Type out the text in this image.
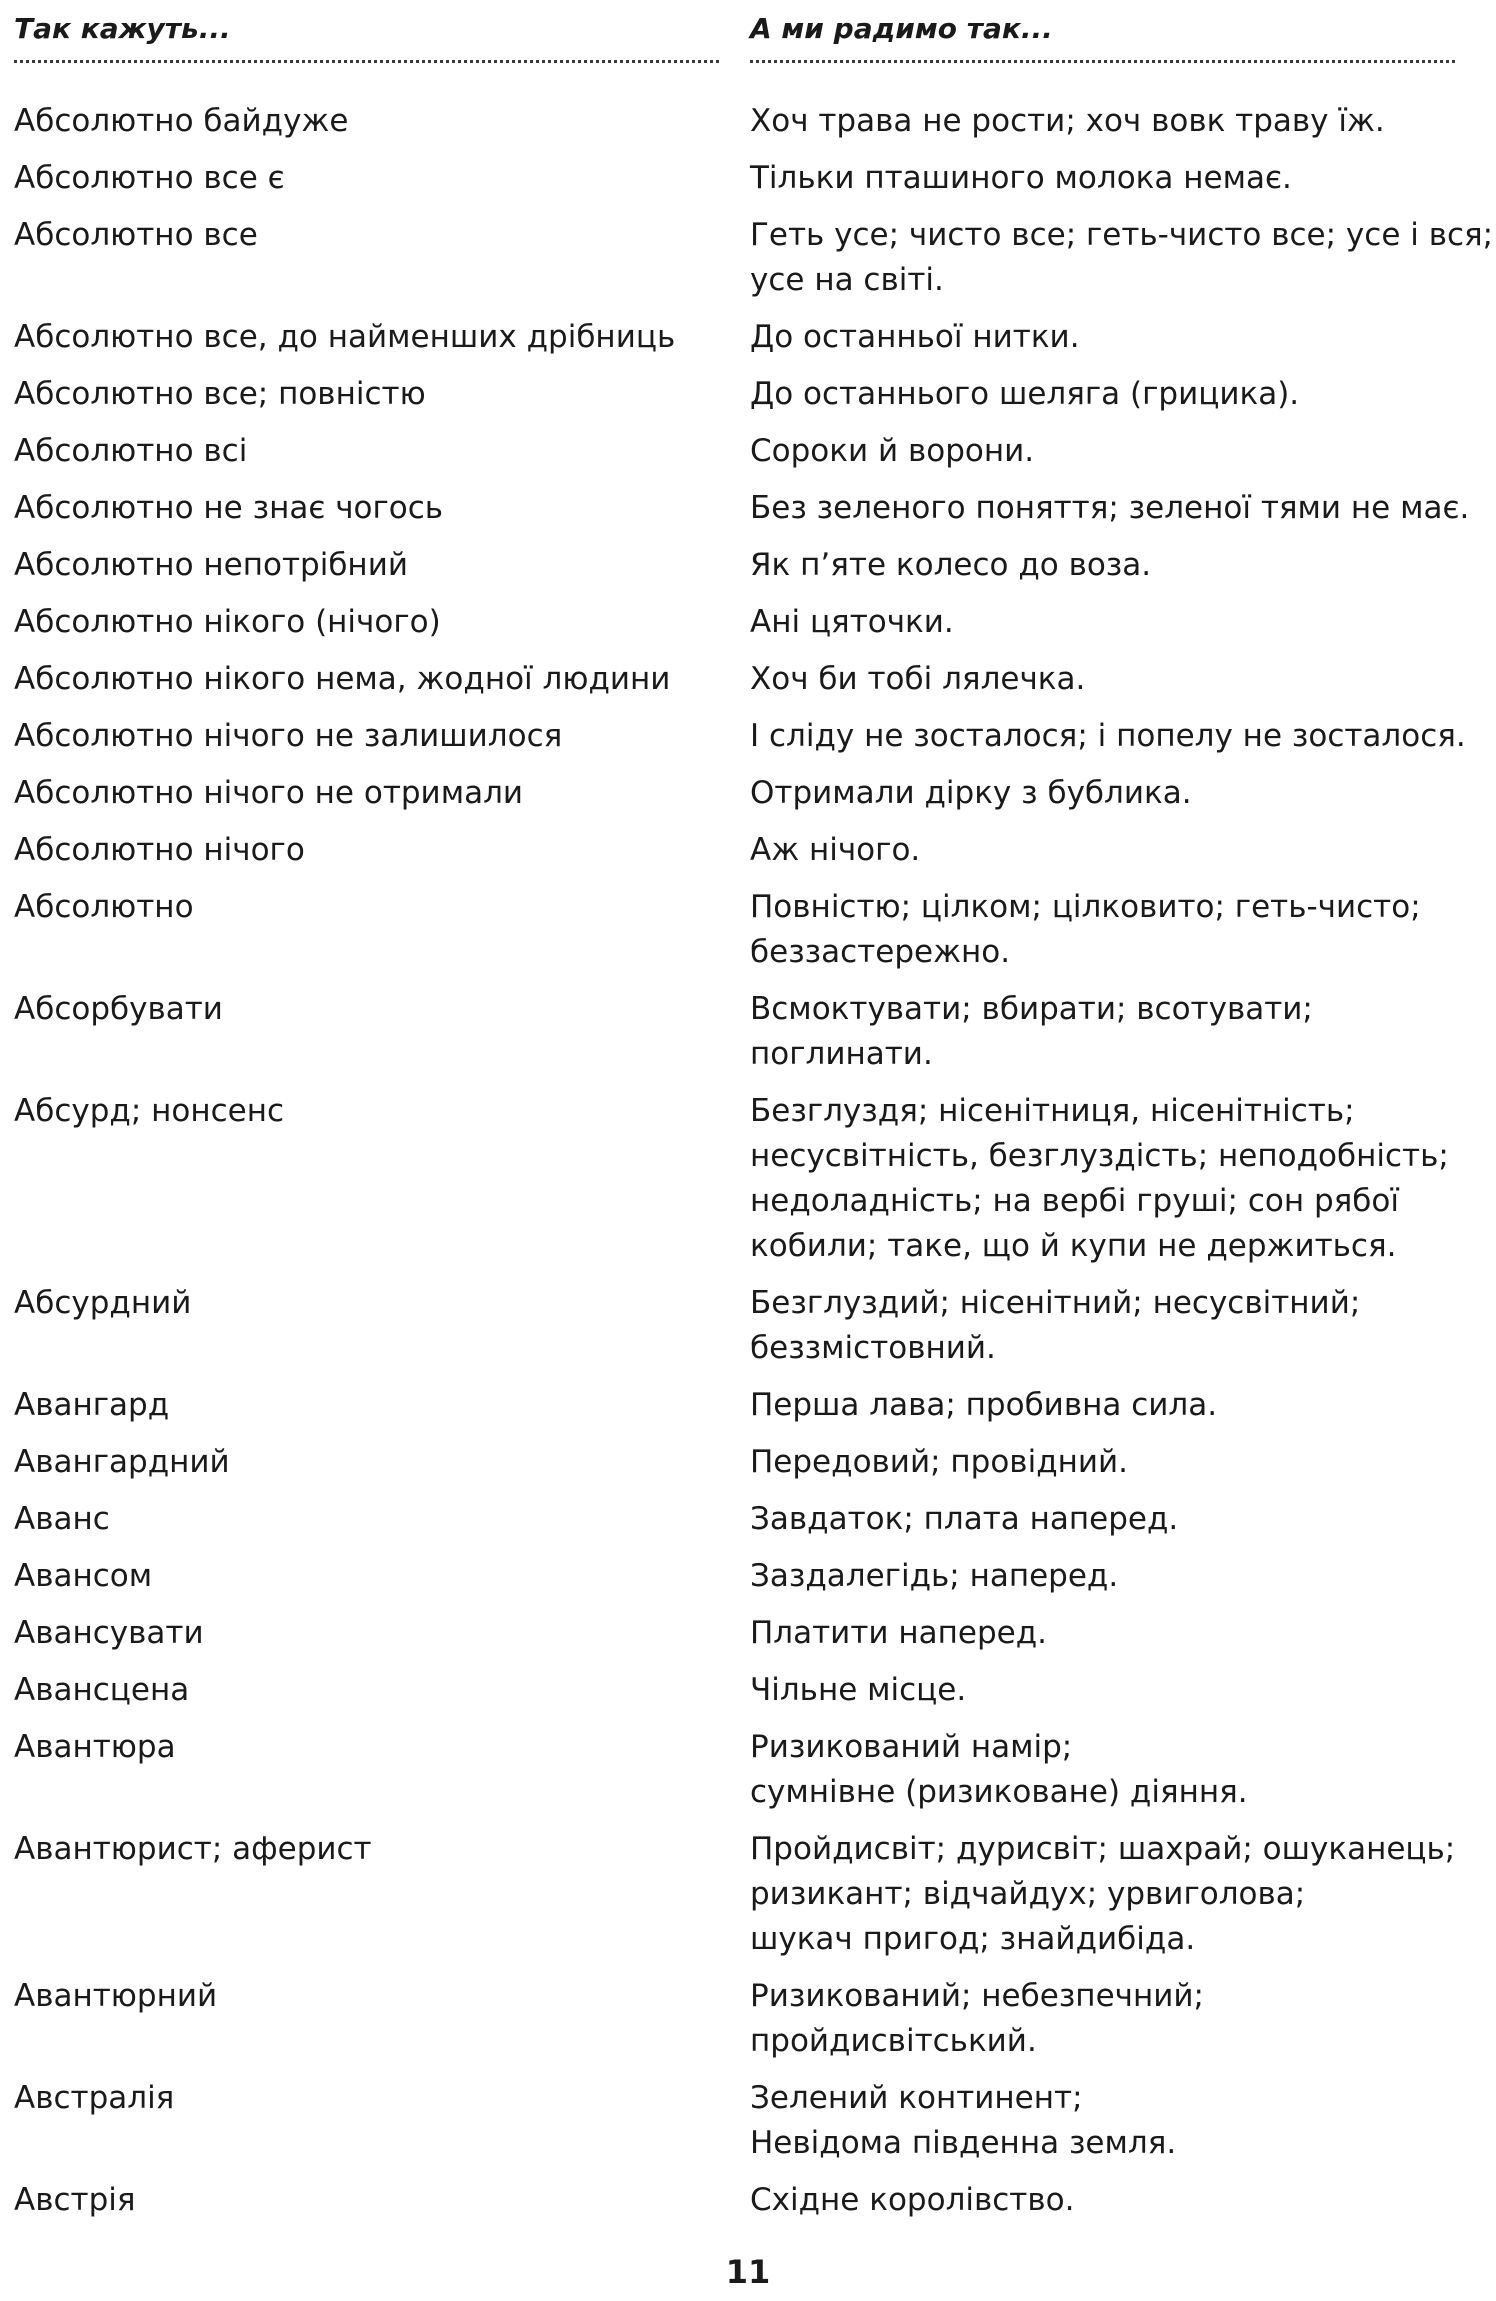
Так кажуть...	А ми радимо так...
Абсолютно байдуже	Хоч трава не рости; хоч вовк траву їж.
Абсолютно все є	Тільки пташиного молока немає.
Абсолютно все	Геть усе; чисто все; геть-чисто все; усе і вся;
усе на світі.
Абсолютно все, до найменших дрібниць	До останньої нитки.
Абсолютно все; повністю	До останнього шеляга (грицика).
Абсолютно всі	Сороки й ворони.
Абсолютно не знає чогось	Без зеленого поняття; зеленої тями не має.
Абсолютно непотрібний	Як п’яте колесо до воза.
Абсолютно нікого (нічого)	Ані цяточки.
Абсолютно нікого нема, жодної людини	Хоч би тобі лялечка.
Абсолютно нічого не залишилося	І сліду не зосталося; і попелу не зосталося.
Абсолютно нічого не отримали	Отримали дірку з бублика.
Абсолютно нічого	Аж нічого.
Абсолютно	Повністю; цілком; цілковито; геть-чисто;
беззастережно.
Абсорбувати	Всмоктувати; вбирати; всотувати;
поглинати.
Абсурд; нонсенс	Безглуздя; нісенітниця, нісенітність;
несусвітність, безглуздість; неподобність;
недоладність; на вербі груші; сон рябої
кобили; таке, що й купи не держиться.
Абсурдний	Безглуздий; нісенітний; несусвітний;
беззмістовний.
Авангард	Перша лава; пробивна сила.
Авангардний	Передовий; провідний.
Аванс	Завдаток; плата наперед.
Авансом	Заздалегідь; наперед.
Авансувати	Платити наперед.
Авансцена	Чільне місце.
Авантюра	Ризикований намір;
сумнівне (ризиковане) діяння.
Авантюрист; аферист	Пройдисвіт; дурисвіт; шахрай; ошуканець;
ризикант; відчайдух; урвиголова;
шукач пригод; знайдибіда.
Авантюрний	Ризикований; небезпечний;
пройдисвітський.
Австралія	Зелений континент;
Невідома південна земля.
Австрія	Східне королівство.
11
